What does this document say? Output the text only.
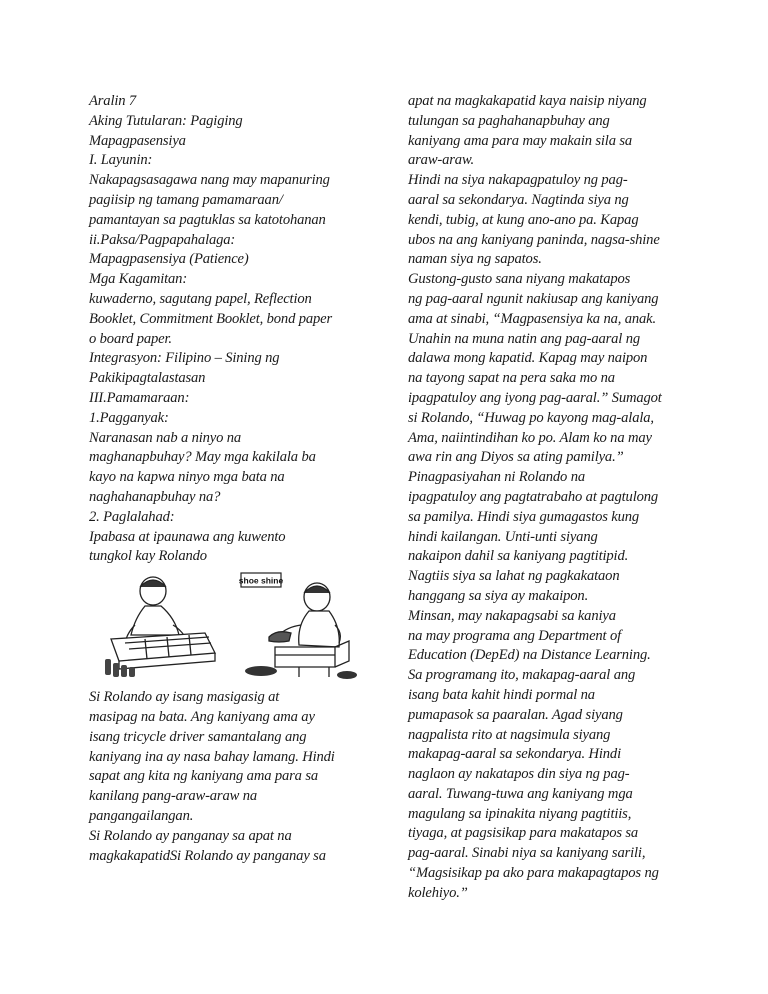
Aralin 7
Aking Tutularan: Pagiging
Mapagpasensiya
I. Layunin:
Nakapagsasagawa nang may mapanuring
pagiisip ng tamang pamamaraan/
pamantayan sa pagtuklas sa katotohanan
ii.Paksa/Pagpapahalaga:
Mapagpasensiya (Patience)
Mga Kagamitan:
kuwaderno, sagutang papel, Reflection
Booklet, Commitment Booklet, bond paper
o board paper.
Integrasyon: Filipino – Sining ng
Pakikipagtalastasan
III.Pamamaraan:
1.Pagganyak:
Naranasan nab a ninyo na
maghanapbuhay? May mga kakilala ba
kayo na kapwa ninyo mga bata na
naghahanapbuhay na?
2. Paglalahad:
Ipabasa at ipaunawa ang kuwento
tungkol kay Rolando
shoe shine
Si Rolando ay isang masigasig at
masipag na bata. Ang kaniyang ama ay
isang tricycle driver samantalang ang
kaniyang ina ay nasa bahay lamang. Hindi
sapat ang kita ng kaniyang ama para sa
kanilang pang-araw-araw na
pangangailangan.
Si Rolando ay panganay sa apat na
magkakapatidSi Rolando ay panganay sa
apat na magkakapatid kaya naisip niyang
tulungan sa paghahanapbuhay ang
kaniyang ama para may makain sila sa
araw-araw.
Hindi na siya nakapagpatuloy ng pag-
aaral sa sekondarya. Nagtinda siya ng
kendi, tubig, at kung ano-ano pa. Kapag
ubos na ang kaniyang paninda, nagsa-shine
naman siya ng sapatos.
Gustong-gusto sana niyang makatapos
ng pag-aaral ngunit nakiusap ang kaniyang
ama at sinabi, “Magpasensiya ka na, anak.
Unahin na muna natin ang pag-aaral ng
dalawa mong kapatid. Kapag may naipon
na tayong sapat na pera saka mo na
ipagpatuloy ang iyong pag-aaral.” Sumagot
si Rolando, “Huwag po kayong mag-alala,
Ama, naiintindihan ko po. Alam ko na may
awa rin ang Diyos sa ating pamilya.”
Pinagpasiyahan ni Rolando na
ipagpatuloy ang pagtatrabaho at pagtulong
sa pamilya. Hindi siya gumagastos kung
hindi kailangan. Unti-unti siyang
nakaipon dahil sa kaniyang pagtitipid.
Nagtiis siya sa lahat ng pagkakataon
hanggang sa siya ay makaipon.
Minsan, may nakapagsabi sa kaniya
na may programa ang Department of
Education (DepEd) na Distance Learning.
Sa programang ito, makapag-aaral ang
isang bata kahit hindi pormal na
pumapasok sa paaralan. Agad siyang
nagpalista rito at nagsimula siyang
makapag-aaral sa sekondarya. Hindi
naglaon ay nakatapos din siya ng pag-
aaral. Tuwang-tuwa ang kaniyang mga
magulang sa ipinakita niyang pagtitiis,
tiyaga, at pagsisikap para makatapos sa
pag-aaral. Sinabi niya sa kaniyang sarili,
“Magsisikap pa ako para makapagtapos ng
kolehiyo.”
